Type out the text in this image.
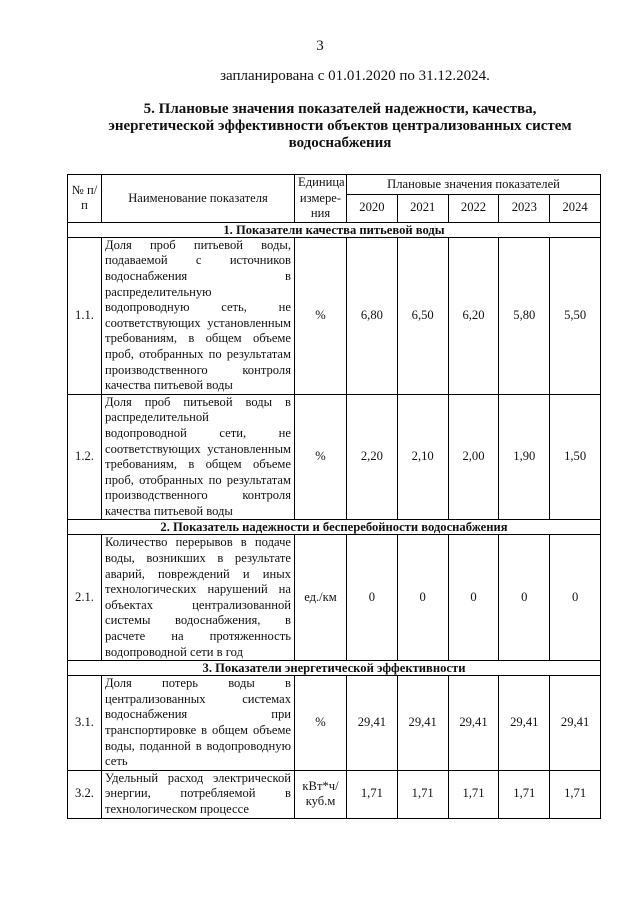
3
запланирована с 01.01.2020 по 31.12.2024.
5. Плановые значения показателей надежности, качества, энергетической эффективности объектов централизованных систем водоснабжения
№ п/п	Наименование показателя	Единица измере-ния	Плановые значения показателей				
			2020	2021	2022	2023	2024
1. Показатели качества питьевой воды							
1.1.	Доля проб питьевой воды, подаваемой с источников водоснабжения в распределительную водопроводную сеть, не соответствующих установленным требованиям, в общем объеме проб, отобранных по результатам производственного контроля качества питьевой воды	%	6,80	6,50	6,20	5,80	5,50
1.2.	Доля проб питьевой воды в распределительной водопроводной сети, не соответствующих установленным требованиям, в общем объеме проб, отобранных по результатам производственного контроля качества питьевой воды	%	2,20	2,10	2,00	1,90	1,50
2. Показатель надежности и бесперебойности водоснабжения							
2.1.	Количество перерывов в подаче воды, возникших в результате аварий, повреждений и иных технологических нарушений на объектах централизованной системы водоснабжения, в расчете на протяженность водопроводной сети в год	ед./км	0	0	0	0	0
3. Показатели энергетической эффективности							
3.1.	Доля потерь воды в централизованных системах водоснабжения при транспортировке в общем объеме воды, поданной в водопроводную сеть	%	29,41	29,41	29,41	29,41	29,41
3.2.	Удельный расход электрической энергии, потребляемой в технологическом процессе	кВт*ч/ куб.м	1,71	1,71	1,71	1,71	1,71
